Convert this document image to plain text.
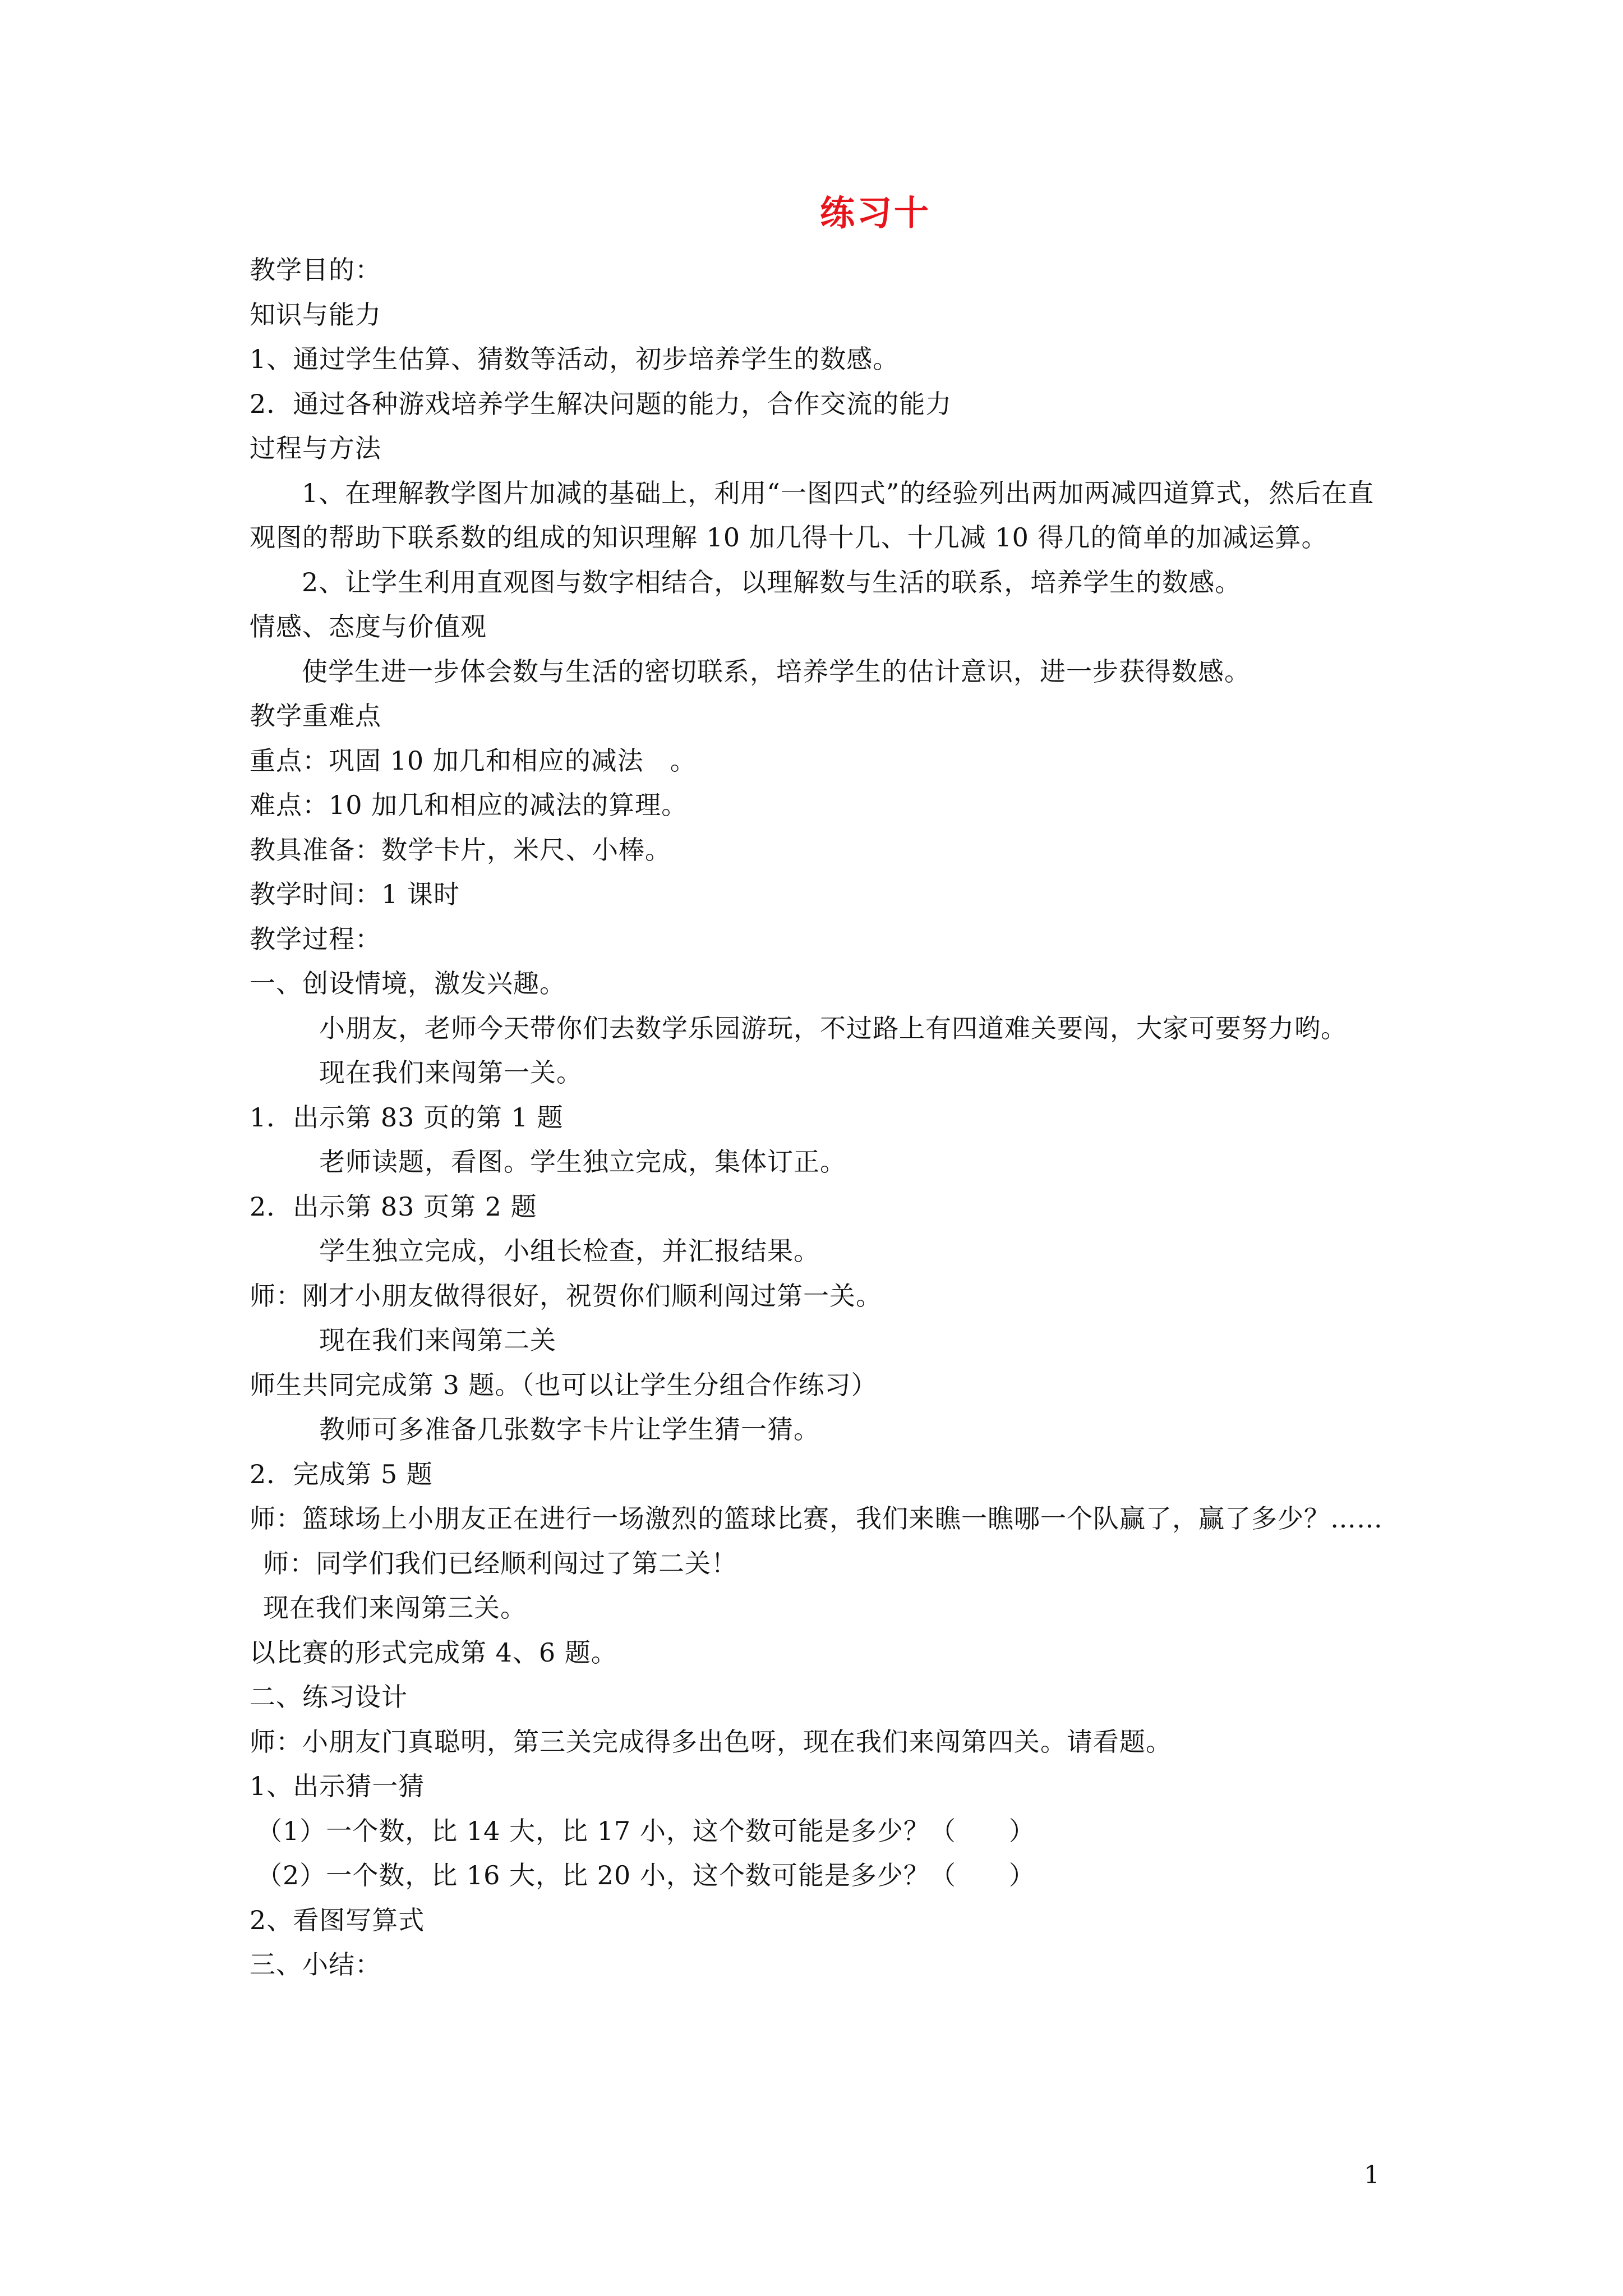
练习十
教学目的：
知识与能力
1、通过学生估算、猜数等活动，初步培养学生的数感。
2．通过各种游戏培养学生解决问题的能力，合作交流的能力
过程与方法
1、在理解教学图片加减的基础上，利用“一图四式”的经验列出两加两减四道算式，然后在直观图的帮助下联系数的组成的知识理解 10 加几得十几、十几减 10 得几的简单的加减运算。
2、让学生利用直观图与数字相结合，以理解数与生活的联系，培养学生的数感。
情感、态度与价值观
使学生进一步体会数与生活的密切联系，培养学生的估计意识，进一步获得数感。
教学重难点
重点：巩固 10 加几和相应的减法　。
难点：10 加几和相应的减法的算理。
教具准备：数学卡片，米尺、小棒。
教学时间：1 课时
教学过程：
一、创设情境，激发兴趣。
小朋友，老师今天带你们去数学乐园游玩，不过路上有四道难关要闯，大家可要努力哟。
现在我们来闯第一关。
1．出示第 83 页的第 1 题
老师读题，看图。学生独立完成，集体订正。
2．出示第 83 页第 2 题
学生独立完成，小组长检查，并汇报结果。
师：刚才小朋友做得很好，祝贺你们顺利闯过第一关。
现在我们来闯第二关
师生共同完成第 3 题。（也可以让学生分组合作练习）
教师可多准备几张数字卡片让学生猜一猜。
2．完成第 5 题
师：篮球场上小朋友正在进行一场激烈的篮球比赛，我们来瞧一瞧哪一个队赢了，赢了多少？……
师：同学们我们已经顺利闯过了第二关！
现在我们来闯第三关。
以比赛的形式完成第 4、6 题。
二、练习设计
师：小朋友门真聪明，第三关完成得多出色呀，现在我们来闯第四关。请看题。
1、出示猜一猜
（1）一个数，比 14 大，比 17 小，这个数可能是多少？（　　）
（2）一个数，比 16 大，比 20 小，这个数可能是多少？（　　）
2、看图写算式
三、小结：
1
